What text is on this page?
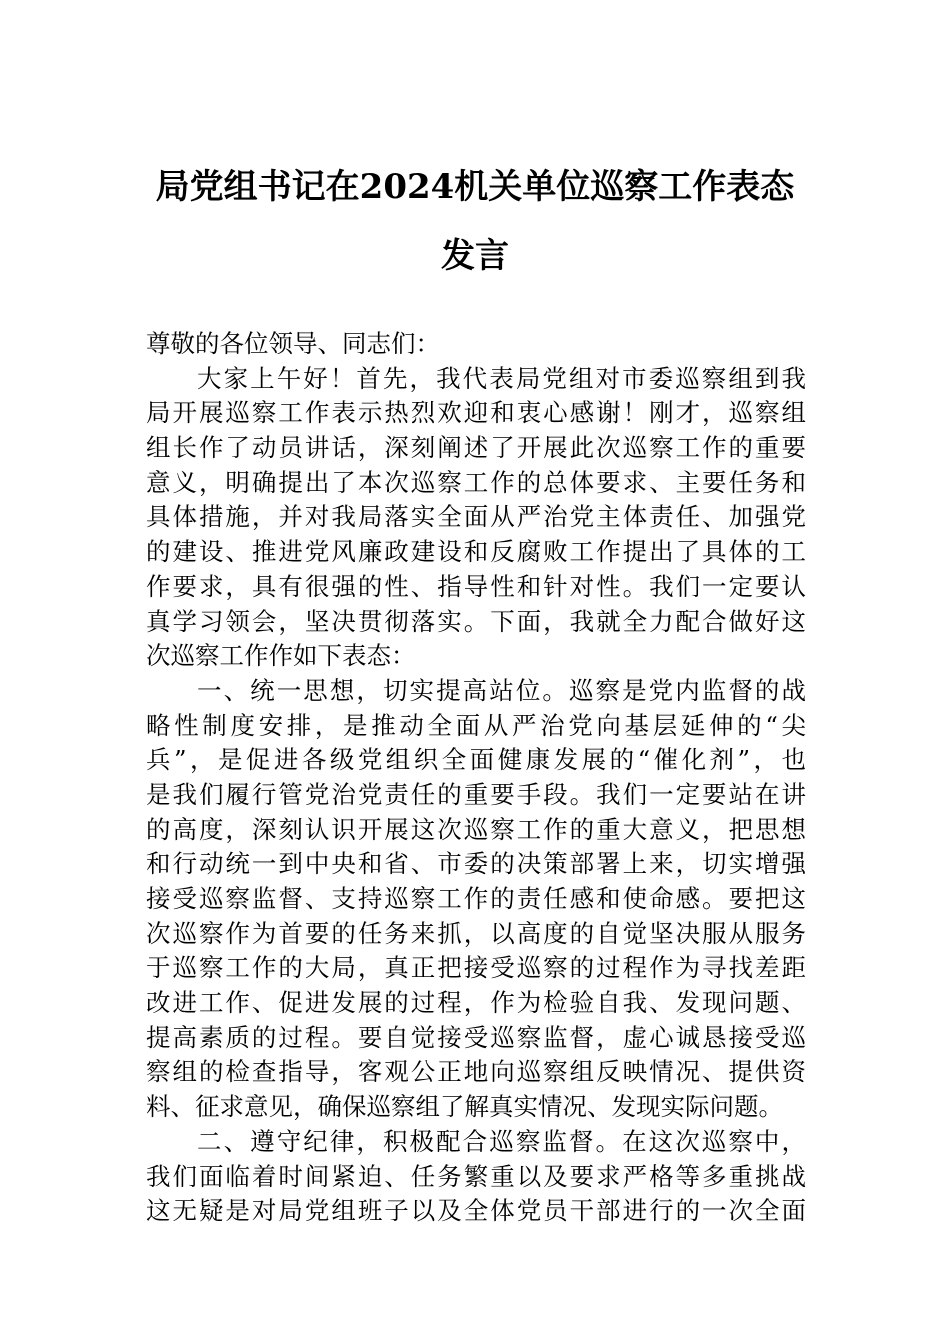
局党组书记在2024机关单位巡察工作表态
发言
尊敬的各位领导、同志们：
大家上午好！首先，我代表局党组对市委巡察组到我
局开展巡察工作表示热烈欢迎和衷心感谢！刚才，巡察组
组长作了动员讲话，深刻阐述了开展此次巡察工作的重要
意义，明确提出了本次巡察工作的总体要求、主要任务和
具体措施，并对我局落实全面从严治党主体责任、加强党
的建设、推进党风廉政建设和反腐败工作提出了具体的工
作要求，具有很强的性、指导性和针对性。我们一定要认
真学习领会，坚决贯彻落实。下面，我就全力配合做好这
次巡察工作作如下表态：
一、统一思想，切实提高站位。巡察是党内监督的战
略性制度安排，是推动全面从严治党向基层延伸的“尖
兵”，是促进各级党组织全面健康发展的“催化剂”，也
是我们履行管党治党责任的重要手段。我们一定要站在讲
的高度，深刻认识开展这次巡察工作的重大意义，把思想
和行动统一到中央和省、市委的决策部署上来，切实增强
接受巡察监督、支持巡察工作的责任感和使命感。要把这
次巡察作为首要的任务来抓，以高度的自觉坚决服从服务
于巡察工作的大局，真正把接受巡察的过程作为寻找差距
改进工作、促进发展的过程，作为检验自我、发现问题、
提高素质的过程。要自觉接受巡察监督，虚心诚恳接受巡
察组的检查指导，客观公正地向巡察组反映情况、提供资
料、征求意见，确保巡察组了解真实情况、发现实际问题。
二、遵守纪律，积极配合巡察监督。在这次巡察中，
我们面临着时间紧迫、任务繁重以及要求严格等多重挑战
这无疑是对局党组班子以及全体党员干部进行的一次全面
